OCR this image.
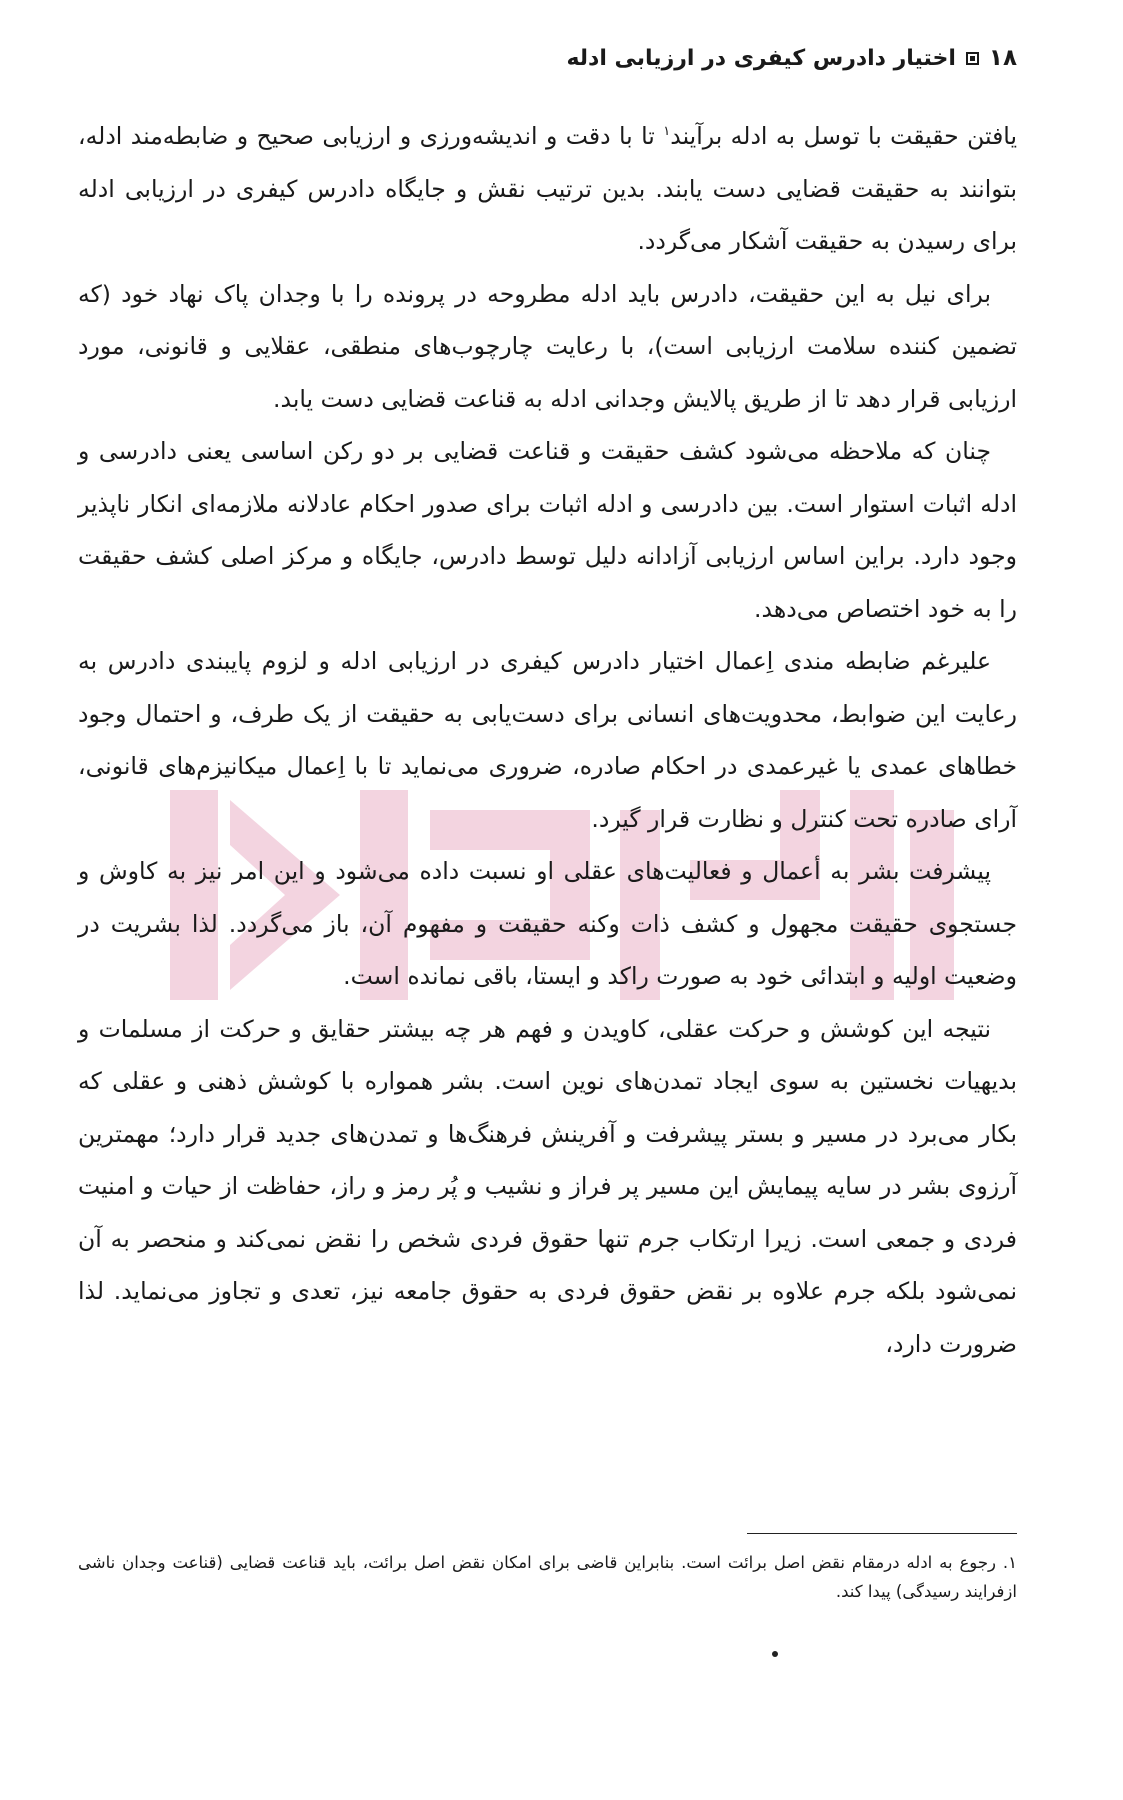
۱۸
اختیار دادرس کیفری در ارزیابی ادله

یافتن حقیقت با توسل به ادله برآیند$^۱$ تا با دقت و اندیشه‌ورزی و ارزیابی صحیح و ضابطه‌مند ادله، بتوانند به حقیقت قضایی دست یابند. بدین ترتیب نقش و جایگاه دادرس کیفری در ارزیابی ادله برای رسیدن به حقیقت آشکار می‌گردد.

برای نیل به این حقیقت، دادرس باید ادله مطروحه در پرونده را با وجدان پاک نهاد خود (که تضمین کننده سلامت ارزیابی است)، با رعایت چارچوب‌های منطقی، عقلایی و قانونی، مورد ارزیابی قرار دهد تا از طریق پالایش وجدانی ادله به قناعت قضایی دست یابد.

چنان که ملاحظه می‌شود کشف حقیقت و قناعت قضایی بر دو رکن اساسی یعنی دادرسی و ادله اثبات استوار است. بین دادرسی و ادله اثبات برای صدور احکام عادلانه ملازمه‌ای انکار ناپذیر وجود دارد. براین اساس ارزیابی آزادانه دلیل توسط دادرس، جایگاه و مرکز اصلی کشف حقیقت را به خود اختصاص می‌دهد.

علیرغم ضابطه مندی اِعمال اختیار دادرس کیفری در ارزیابی ادله و لزوم پایبندی دادرس به رعایت این ضوابط، محدویت‌های انسانی برای دست‌یابی به حقیقت از یک طرف، و احتمال وجود خطاهای عمدی یا غیرعمدی در احکام صادره، ضروری می‌نماید تا با اِعمال میکانیزم‌های قانونی، آرای صادره تحت کنترل و نظارت قرار گیرد.

پیشرفت بشر به أعمال و فعالیت‌های عقلی او نسبت داده می‌شود و این امر نیز به کاوش و جستجوی حقیقت مجهول و کشف ذات وکنه حقیقت و مفهوم آن، باز می‌گردد. لذا بشریت در وضعیت اولیه و ابتدائی خود به صورت راکد و ایستا، باقی نمانده است.

نتیجه این کوشش و حرکت عقلی، کاویدن و فهم هر چه بیشتر حقایق و حرکت از مسلمات و بدیهیات نخستین به سوی ایجاد تمدن‌های نوین است. بشر همواره با کوشش ذهنی و عقلی که بکار می‌برد در مسیر و بستر پیشرفت و آفرینش فرهنگ‌ها و تمدن‌های جدید قرار دارد؛ مهمترین آرزوی بشر در سایه پیمایش این مسیر پر فراز و نشیب و پُر رمز و راز، حفاظت از حیات و امنیت فردی و جمعی است. زیرا ارتکاب جرم تنها حقوق فردی شخص را نقض نمی‌کند و منحصر به آن نمی‌شود بلکه جرم علاوه بر نقض حقوق فردی به حقوق جامعه نیز، تعدی و تجاوز می‌نماید. لذا ضرورت دارد،

۱. رجوع به ادله درمقام نقض اصل برائت است. بنابراین قاضی برای امکان نقض اصل برائت، باید قناعت قضایی (قناعت وجدان ناشی ازفرایند رسیدگی) پیدا کند.
